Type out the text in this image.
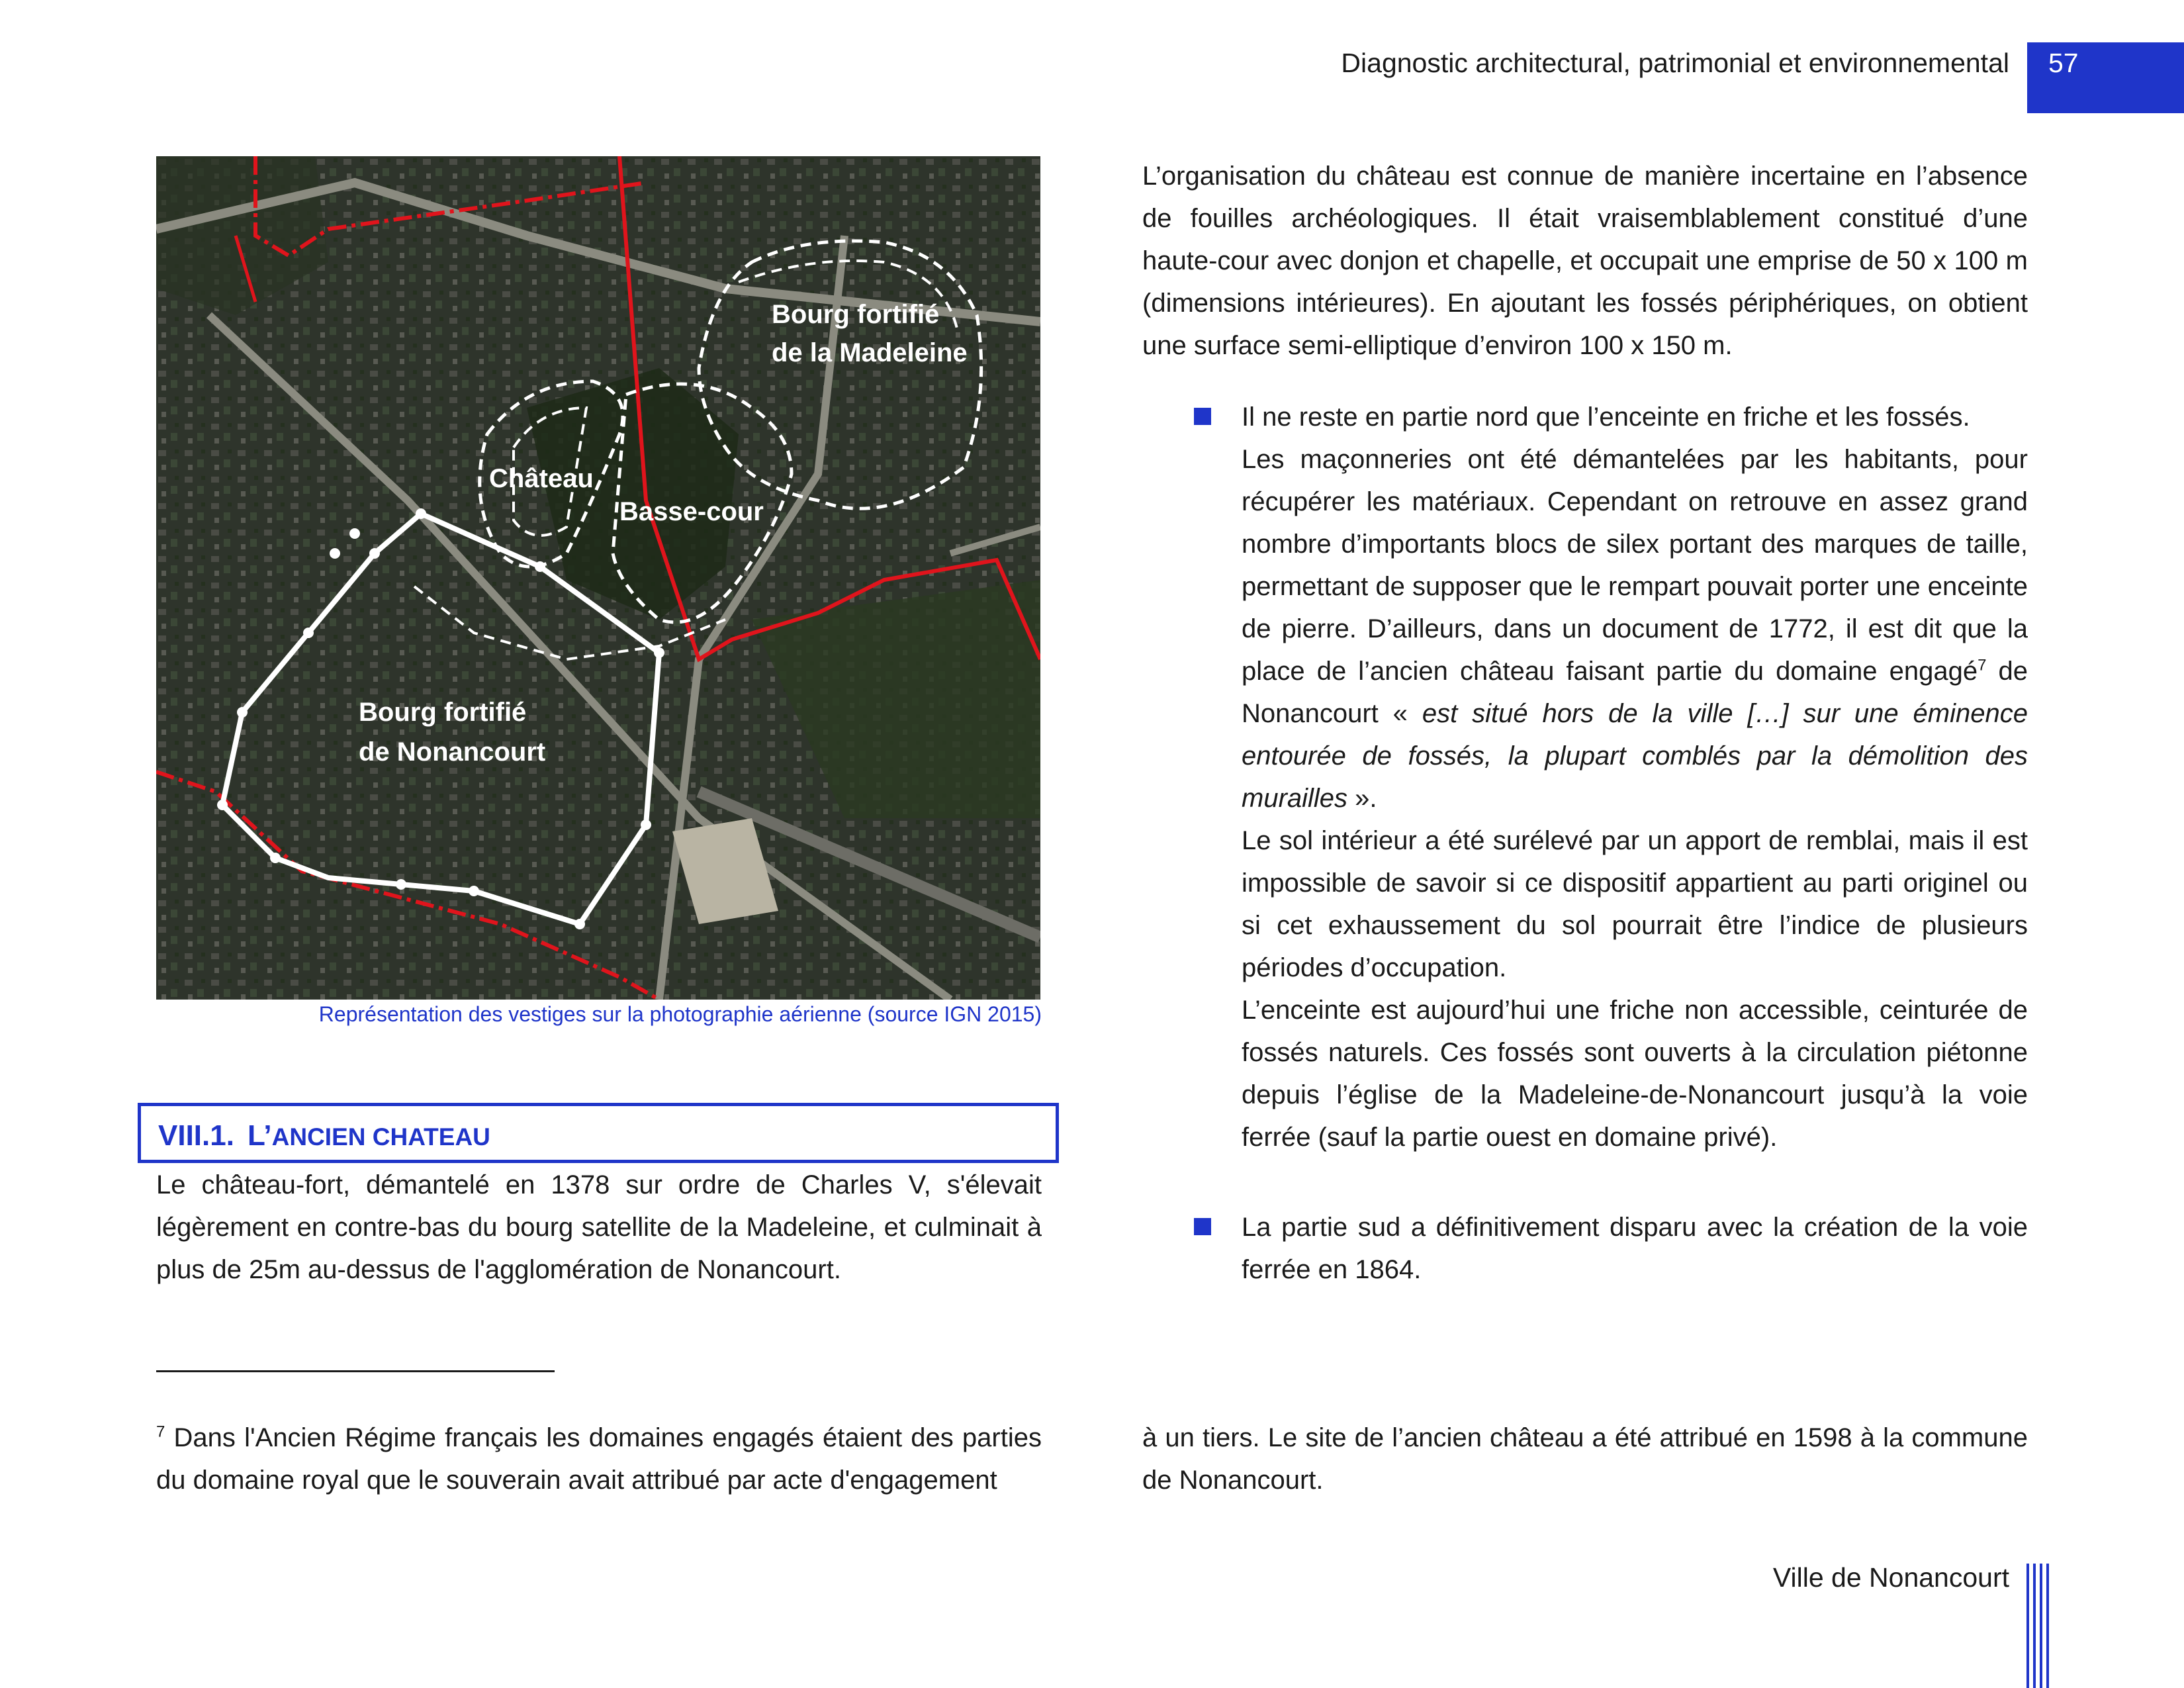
Diagnostic architectural, patrimonial et environnemental	57
Bourg fortifié
de la Madeleine
Château
Basse-cour
Bourg fortifié
de Nonancourt
Représentation des vestiges sur la photographie aérienne (source IGN 2015)
VIII.1. L’ANCIEN CHATEAU

Le château-fort, démantelé en 1378 sur ordre de Charles V, s'élevait légèrement en contre-bas du bourg satellite de la Madeleine, et culminait à plus de 25m au-dessus de l'agglomération de Nonancourt.

L’organisation du château est connue de manière incertaine en l’absence de fouilles archéologiques. Il était vraisemblablement constitué d’une haute-cour avec donjon et chapelle, et occupait une emprise de 50 x 100 m (dimensions intérieures). En ajoutant les fossés périphériques, on obtient une surface semi-elliptique d’environ 100 x 150 m.

Il ne reste en partie nord que l’enceinte en friche et les fossés.

Les maçonneries ont été démantelées par les habitants, pour récupérer les matériaux. Cependant on retrouve en assez grand nombre d’importants blocs de silex portant des marques de taille, permettant de supposer que le rempart pouvait porter une enceinte de pierre. D’ailleurs, dans un document de 1772, il est dit que la place de l’ancien château faisant partie du domaine engagé$^7$ de Nonancourt « est situé hors de la ville […] sur une éminence entourée de fossés, la plupart comblés par la démolition des murailles ».

Le sol intérieur a été surélevé par un apport de remblai, mais il est impossible de savoir si ce dispositif appartient au parti originel ou si cet exhaussement du sol pourrait être l’indice de plusieurs périodes d’occupation.

L’enceinte est aujourd’hui une friche non accessible, ceinturée de fossés naturels. Ces fossés sont ouverts à la circulation piétonne depuis l’église de la Madeleine-de-Nonancourt jusqu’à la voie ferrée (sauf la partie ouest en domaine privé).

La partie sud a définitivement disparu avec la création de la voie ferrée en 1864.

$^7$ Dans l'Ancien Régime français les domaines engagés étaient des parties du domaine royal que le souverain avait attribué par acte d'engagement

à un tiers. Le site de l’ancien château a été attribué en 1598 à la commune de Nonancourt.

Ville de Nonancourt
